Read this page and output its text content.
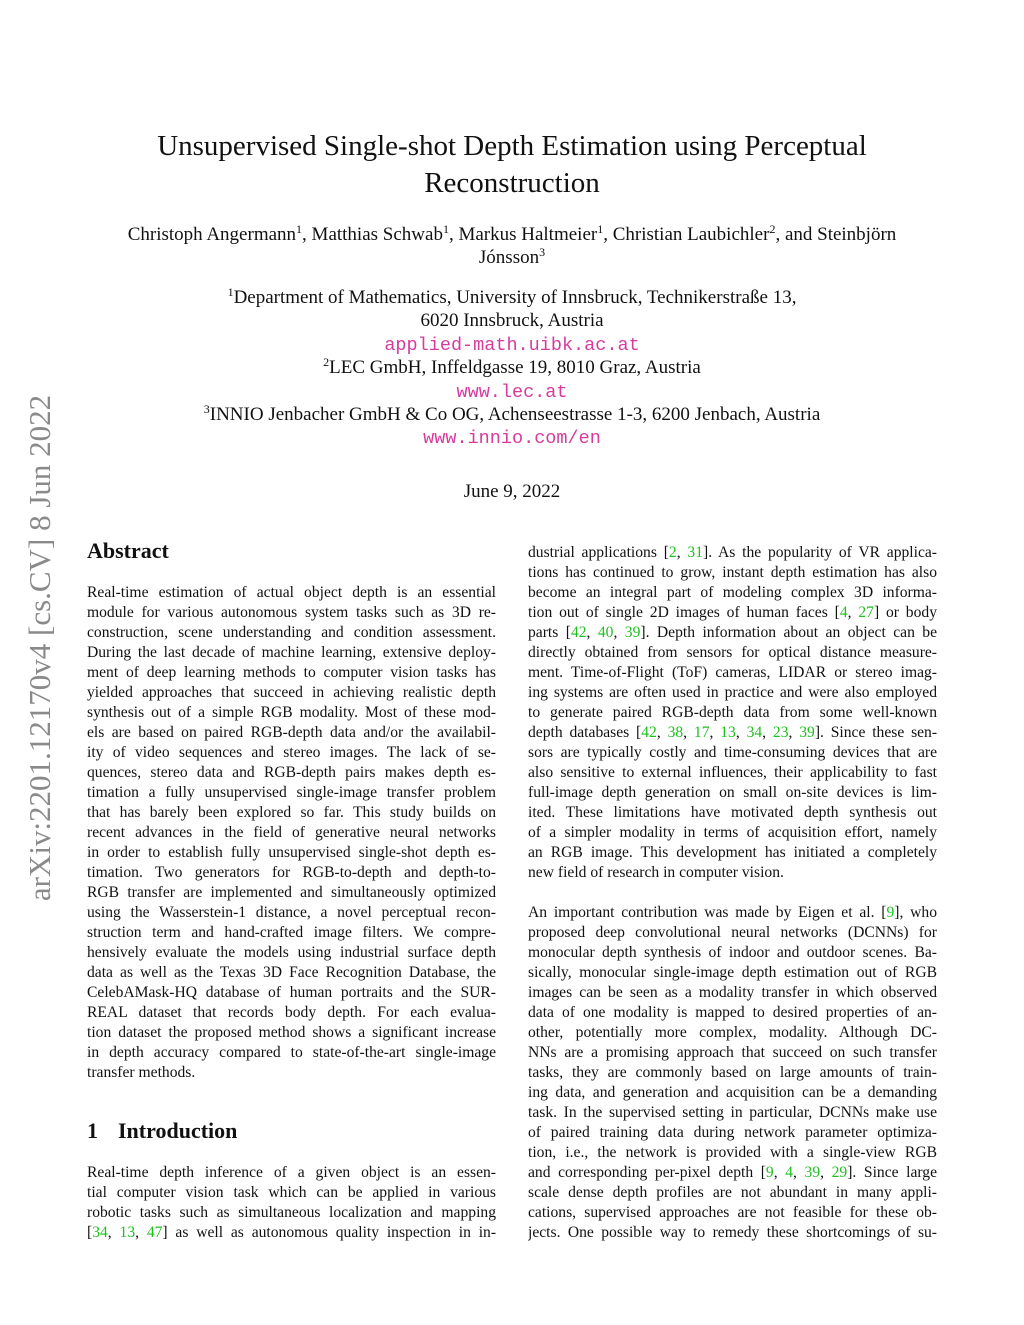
arXiv:2201.12170v4 [cs.CV] 8 Jun 2022
Unsupervised Single-shot Depth Estimation using Perceptual
Reconstruction
Christoph Angermann$^1$, Matthias Schwab$^1$, Markus Haltmeier$^1$, Christian Laubichler$^2$, and Steinbjörn
Jónsson$^3$
$^1$Department of Mathematics, University of Innsbruck, Technikerstraße 13,
6020 Innsbruck, Austria
applied-math.uibk.ac.at
$^2$LEC GmbH, Inffeldgasse 19, 8010 Graz, Austria
www.lec.at
$^3$INNIO Jenbacher GmbH & Co OG, Achenseestrasse 1-3, 6200 Jenbach, Austria
www.innio.com/en
June 9, 2022
Abstract
Real-time estimation of actual object depth is an essential
module for various autonomous system tasks such as 3D re-
construction, scene understanding and condition assessment.
During the last decade of machine learning, extensive deploy-
ment of deep learning methods to computer vision tasks has
yielded approaches that succeed in achieving realistic depth
synthesis out of a simple RGB modality. Most of these mod-
els are based on paired RGB-depth data and/or the availabil-
ity of video sequences and stereo images. The lack of se-
quences, stereo data and RGB-depth pairs makes depth es-
timation a fully unsupervised single-image transfer problem
that has barely been explored so far. This study builds on
recent advances in the field of generative neural networks
in order to establish fully unsupervised single-shot depth es-
timation. Two generators for RGB-to-depth and depth-to-
RGB transfer are implemented and simultaneously optimized
using the Wasserstein-1 distance, a novel perceptual recon-
struction term and hand-crafted image filters. We compre-
hensively evaluate the models using industrial surface depth
data as well as the Texas 3D Face Recognition Database, the
CelebAMask-HQ database of human portraits and the SUR-
REAL dataset that records body depth. For each evalua-
tion dataset the proposed method shows a significant increase
in depth accuracy compared to state-of-the-art single-image
transfer methods.
1 Introduction
Real-time depth inference of a given object is an essen-
tial computer vision task which can be applied in various
robotic tasks such as simultaneous localization and mapping
[34, 13, 47] as well as autonomous quality inspection in in-
dustrial applications [2, 31]. As the popularity of VR applica-
tions has continued to grow, instant depth estimation has also
become an integral part of modeling complex 3D informa-
tion out of single 2D images of human faces [4, 27] or body
parts [42, 40, 39]. Depth information about an object can be
directly obtained from sensors for optical distance measure-
ment. Time-of-Flight (ToF) cameras, LIDAR or stereo imag-
ing systems are often used in practice and were also employed
to generate paired RGB-depth data from some well-known
depth databases [42, 38, 17, 13, 34, 23, 39]. Since these sen-
sors are typically costly and time-consuming devices that are
also sensitive to external influences, their applicability to fast
full-image depth generation on small on-site devices is lim-
ited. These limitations have motivated depth synthesis out
of a simpler modality in terms of acquisition effort, namely
an RGB image. This development has initiated a completely
new field of research in computer vision.
An important contribution was made by Eigen et al. [9], who
proposed deep convolutional neural networks (DCNNs) for
monocular depth synthesis of indoor and outdoor scenes. Ba-
sically, monocular single-image depth estimation out of RGB
images can be seen as a modality transfer in which observed
data of one modality is mapped to desired properties of an-
other, potentially more complex, modality. Although DC-
NNs are a promising approach that succeed on such transfer
tasks, they are commonly based on large amounts of train-
ing data, and generation and acquisition can be a demanding
task. In the supervised setting in particular, DCNNs make use
of paired training data during network parameter optimiza-
tion, i.e., the network is provided with a single-view RGB
and corresponding per-pixel depth [9, 4, 39, 29]. Since large
scale dense depth profiles are not abundant in many appli-
cations, supervised approaches are not feasible for these ob-
jects. One possible way to remedy these shortcomings of su-
